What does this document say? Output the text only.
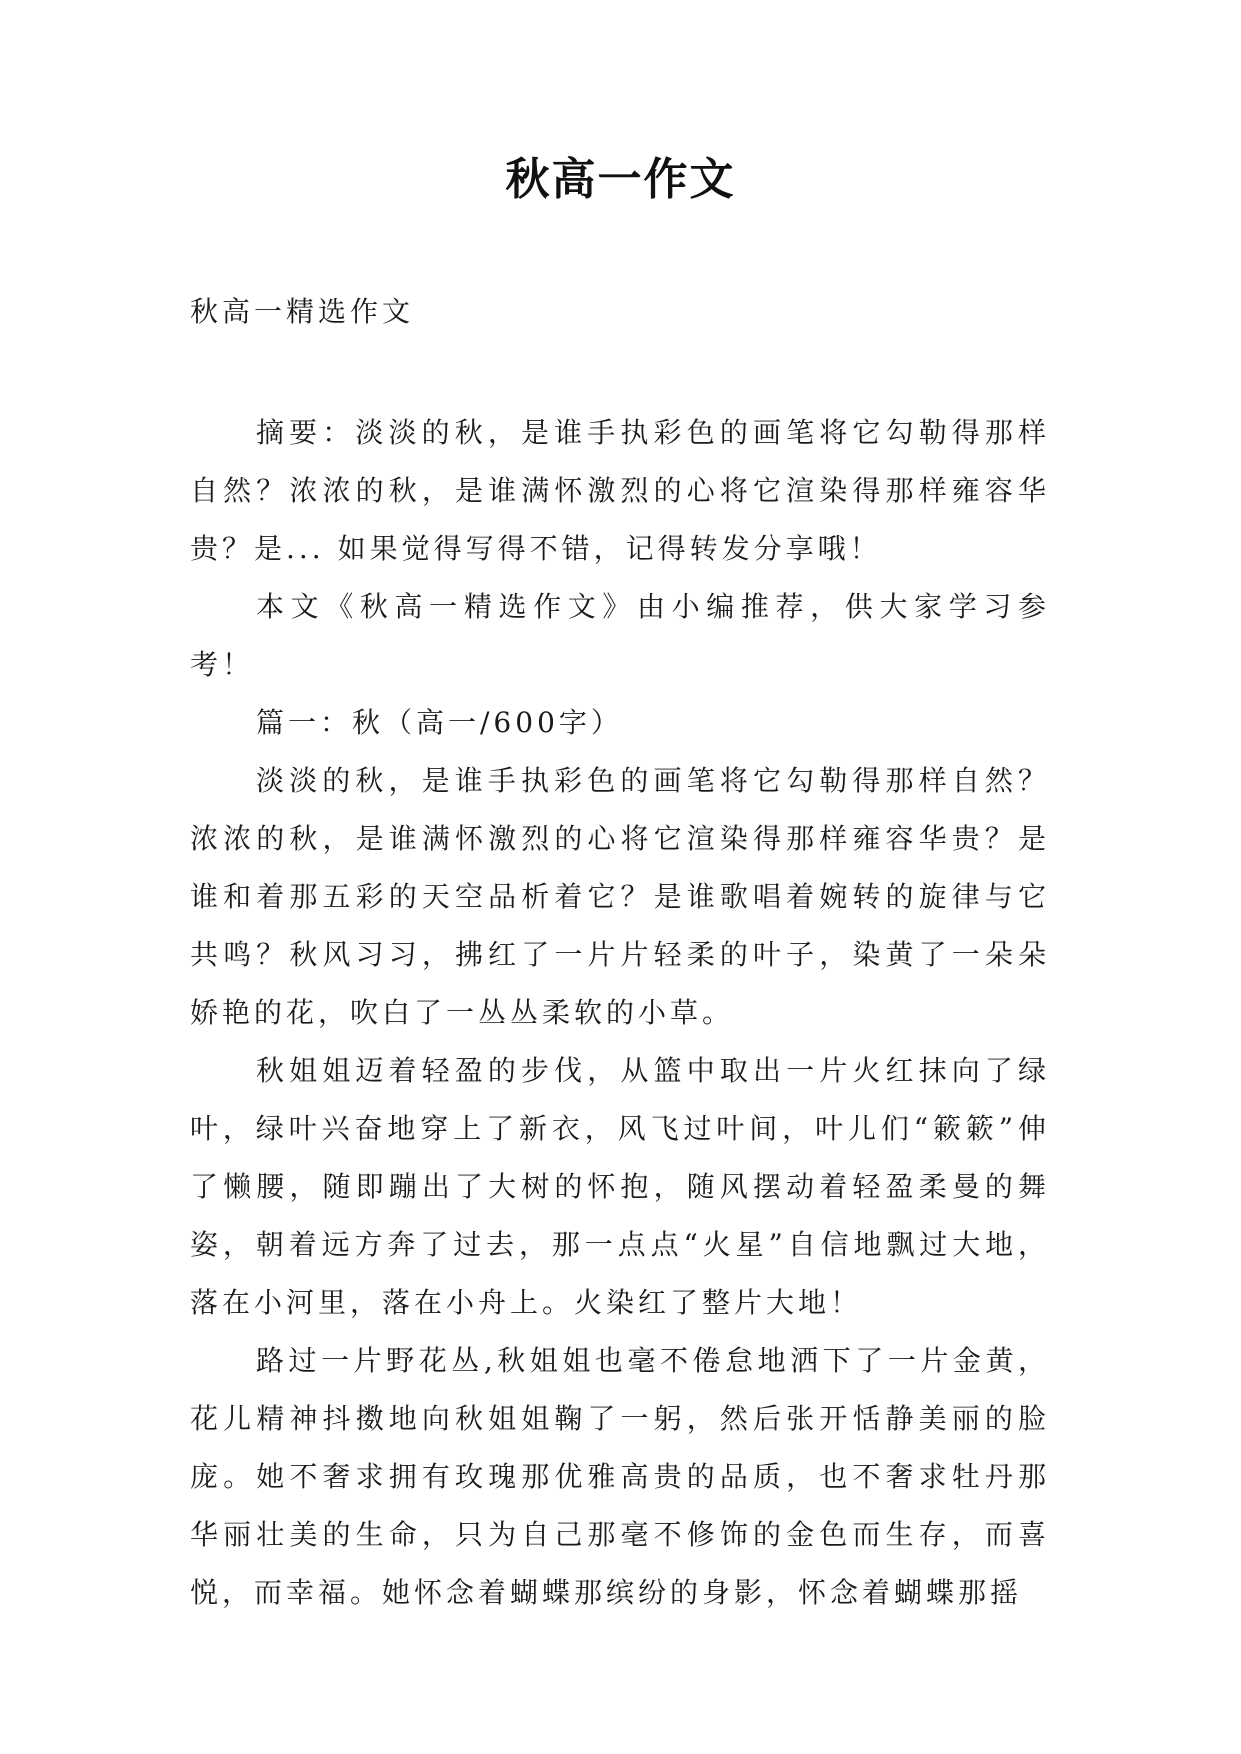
秋高一作文
秋高一精选作文

摘要：淡淡的秋，是谁手执彩色的画笔将它勾勒得那样自然？浓浓的秋，是谁满怀激烈的心将它渲染得那样雍容华贵？是... 如果觉得写得不错，记得转发分享哦！

本文《秋高一精选作文》由小编推荐，供大家学习参考！

篇一：秋（高一/600字）

淡淡的秋，是谁手执彩色的画笔将它勾勒得那样自然？浓浓的秋，是谁满怀激烈的心将它渲染得那样雍容华贵？是谁和着那五彩的天空品析着它？是谁歌唱着婉转的旋律与它共鸣？秋风习习，拂红了一片片轻柔的叶子，染黄了一朵朵娇艳的花，吹白了一丛丛柔软的小草。

秋姐姐迈着轻盈的步伐，从篮中取出一片火红抹向了绿叶，绿叶兴奋地穿上了新衣，风飞过叶间，叶儿们“簌簌”伸了懒腰，随即蹦出了大树的怀抱，随风摆动着轻盈柔曼的舞姿，朝着远方奔了过去，那一点点“火星”自信地飘过大地，落在小河里，落在小舟上。火染红了整片大地！

路过一片野花丛,秋姐姐也毫不倦怠地洒下了一片金黄，花儿精神抖擞地向秋姐姐鞠了一躬，然后张开恬静美丽的脸庞。她不奢求拥有玫瑰那优雅高贵的品质，也不奢求牡丹那华丽壮美的生命，只为自己那毫不修饰的金色而生存，而喜悦，而幸福。她怀念着蝴蝶那缤纷的身影，怀念着蝴蝶那摇
